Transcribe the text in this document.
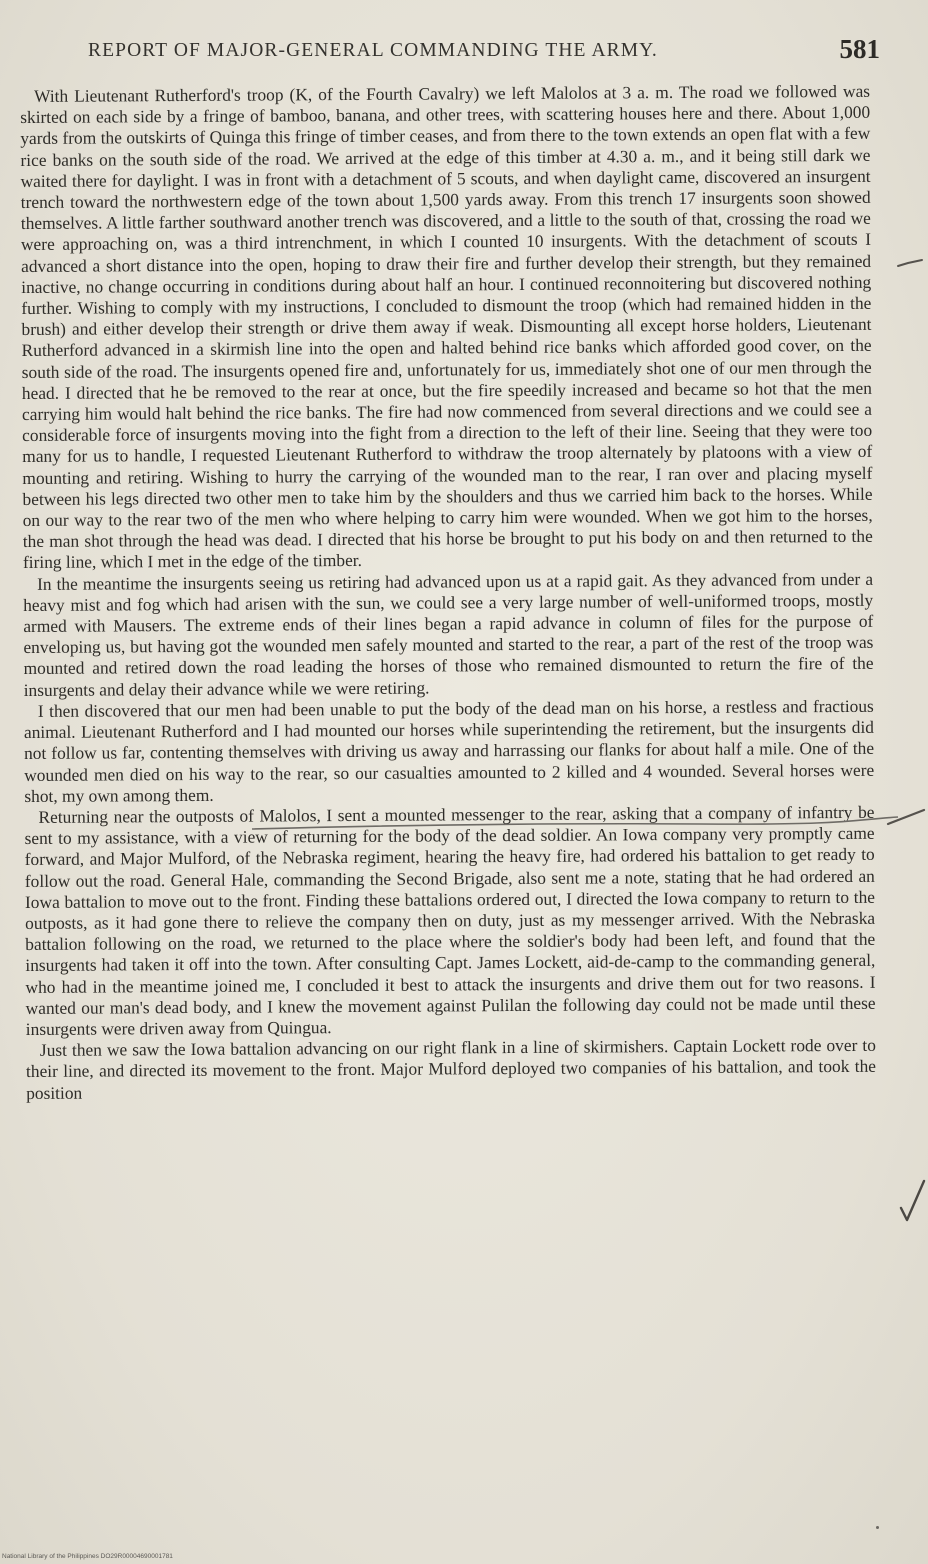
REPORT OF MAJOR-GENERAL COMMANDING THE ARMY.	581

With Lieutenant Rutherford's troop (K, of the Fourth Cavalry) we left Malolos at 3 a. m. The road we followed was skirted on each side by a fringe of bamboo, banana, and other trees, with scattering houses here and there. About 1,000 yards from the outskirts of Quinga this fringe of timber ceases, and from there to the town extends an open flat with a few rice banks on the south side of the road. We arrived at the edge of this timber at 4.30 a. m., and it being still dark we waited there for daylight. I was in front with a detachment of 5 scouts, and when daylight came, discovered an insurgent trench toward the northwestern edge of the town about 1,500 yards away. From this trench 17 insurgents soon showed themselves. A little farther southward another trench was discovered, and a little to the south of that, crossing the road we were approaching on, was a third intrenchment, in which I counted 10 insurgents. With the detachment of scouts I advanced a short distance into the open, hoping to draw their fire and further develop their strength, but they remained inactive, no change occurring in conditions during about half an hour. I continued reconnoitering but discovered nothing further. Wishing to comply with my instructions, I concluded to dismount the troop (which had remained hidden in the brush) and either develop their strength or drive them away if weak. Dismounting all except horse holders, Lieutenant Rutherford advanced in a skirmish line into the open and halted behind rice banks which afforded good cover, on the south side of the road. The insurgents opened fire and, unfortunately for us, immediately shot one of our men through the head. I directed that he be removed to the rear at once, but the fire speedily increased and became so hot that the men carrying him would halt behind the rice banks. The fire had now commenced from several directions and we could see a considerable force of insurgents moving into the fight from a direction to the left of their line. Seeing that they were too many for us to handle, I requested Lieutenant Rutherford to withdraw the troop alternately by platoons with a view of mounting and retiring. Wishing to hurry the carrying of the wounded man to the rear, I ran over and placing myself between his legs directed two other men to take him by the shoulders and thus we carried him back to the horses. While on our way to the rear two of the men who where helping to carry him were wounded. When we got him to the horses, the man shot through the head was dead. I directed that his horse be brought to put his body on and then returned to the firing line, which I met in the edge of the timber.

In the meantime the insurgents seeing us retiring had advanced upon us at a rapid gait. As they advanced from under a heavy mist and fog which had arisen with the sun, we could see a very large number of well-uniformed troops, mostly armed with Mausers. The extreme ends of their lines began a rapid advance in column of files for the purpose of enveloping us, but having got the wounded men safely mounted and started to the rear, a part of the rest of the troop was mounted and retired down the road leading the horses of those who remained dismounted to return the fire of the insurgents and delay their advance while we were retiring.

I then discovered that our men had been unable to put the body of the dead man on his horse, a restless and fractious animal. Lieutenant Rutherford and I had mounted our horses while superintending the retirement, but the insurgents did not follow us far, contenting themselves with driving us away and harrassing our flanks for about half a mile. One of the wounded men died on his way to the rear, so our casualties amounted to 2 killed and 4 wounded. Several horses were shot, my own among them.

Returning near the outposts of Malolos, I sent a mounted messenger to the rear, asking that a company of infantry be sent to my assistance, with a view of returning for the body of the dead soldier. An Iowa company very promptly came forward, and Major Mulford, of the Nebraska regiment, hearing the heavy fire, had ordered his battalion to get ready to follow out the road. General Hale, commanding the Second Brigade, also sent me a note, stating that he had ordered an Iowa battalion to move out to the front. Finding these battalions ordered out, I directed the Iowa company to return to the outposts, as it had gone there to relieve the company then on duty, just as my messenger arrived. With the Nebraska battalion following on the road, we returned to the place where the soldier's body had been left, and found that the insurgents had taken it off into the town. After consulting Capt. James Lockett, aid-de-camp to the commanding general, who had in the meantime joined me, I concluded it best to attack the insurgents and drive them out for two reasons. I wanted our man's dead body, and I knew the movement against Pulilan the following day could not be made until these insurgents were driven away from Quingua.

Just then we saw the Iowa battalion advancing on our right flank in a line of skirmishers. Captain Lockett rode over to their line, and directed its movement to the front. Major Mulford deployed two companies of his battalion, and took the position

National Library of the Philippines DO29R00004690001781
